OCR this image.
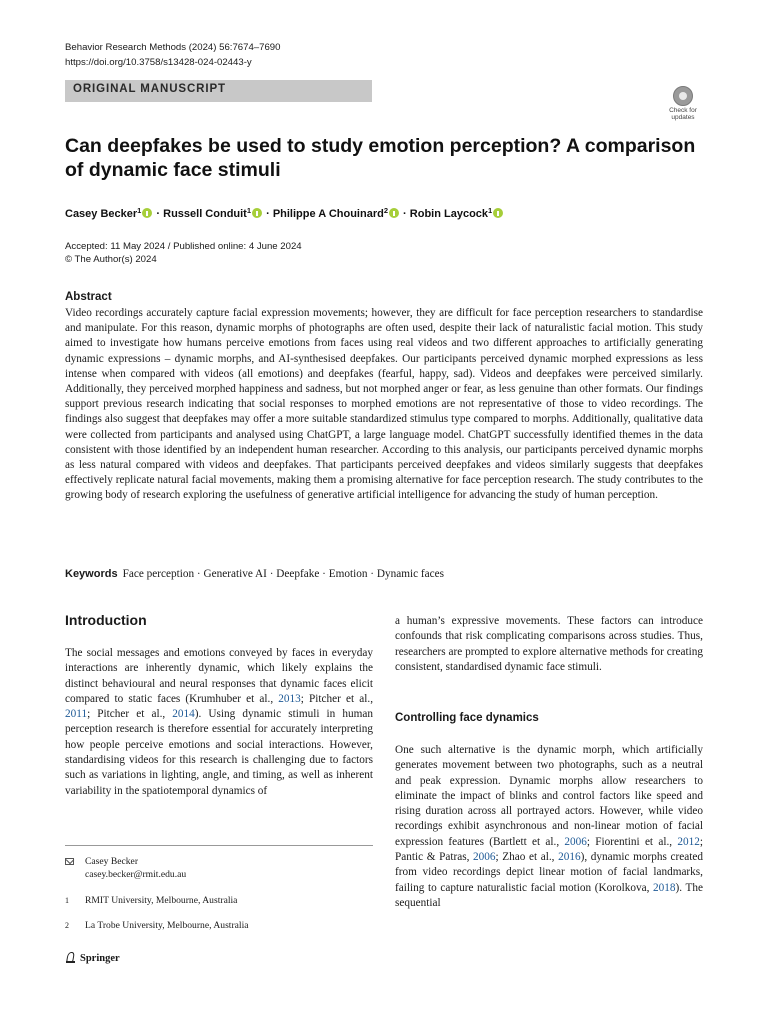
Behavior Research Methods (2024) 56:7674–7690
https://doi.org/10.3758/s13428-024-02443-y
ORIGINAL MANUSCRIPT
Check for
updates
Can deepfakes be used to study emotion perception? A comparison of dynamic face stimuli
Casey Becker$^1$ · Russell Conduit$^1$ · Philippe A Chouinard$^2$ · Robin Laycock$^1$
Accepted: 11 May 2024 / Published online: 4 June 2024
© The Author(s) 2024
Abstract
Video recordings accurately capture facial expression movements; however, they are difficult for face perception researchers to standardise and manipulate. For this reason, dynamic morphs of photographs are often used, despite their lack of naturalistic facial motion. This study aimed to investigate how humans perceive emotions from faces using real videos and two different approaches to artificially generating dynamic expressions – dynamic morphs, and AI-synthesised deepfakes. Our participants perceived dynamic morphed expressions as less intense when compared with videos (all emotions) and deepfakes (fearful, happy, sad). Videos and deepfakes were perceived similarly. Additionally, they perceived morphed happiness and sadness, but not morphed anger or fear, as less genuine than other formats. Our findings support previous research indicating that social responses to morphed emotions are not representative of those to video recordings. The findings also suggest that deepfakes may offer a more suitable standardized stimulus type compared to morphs. Additionally, qualitative data were collected from participants and analysed using ChatGPT, a large language model. ChatGPT successfully identified themes in the data consistent with those identified by an independent human researcher. According to this analysis, our participants perceived dynamic morphs as less natural compared with videos and deepfakes. That participants perceived deepfakes and videos similarly suggests that deepfakes effectively replicate natural facial movements, making them a promising alternative for face perception research. The study contributes to the growing body of research exploring the usefulness of generative artificial intelligence for advancing the study of human perception.
Keywords Face perception · Generative AI · Deepfake · Emotion · Dynamic faces
Introduction
The social messages and emotions conveyed by faces in everyday interactions are inherently dynamic, which likely explains the distinct behavioural and neural responses that dynamic faces elicit compared to static faces (Krumhuber et al., 2013; Pitcher et al., 2011; Pitcher et al., 2014). Using dynamic stimuli in human perception research is therefore essential for accurately interpreting how people perceive emotions and social interactions. However, standardising videos for this research is challenging due to factors such as variations in lighting, angle, and timing, as well as inherent variability in the spatiotemporal dynamics of
a human’s expressive movements. These factors can introduce confounds that risk complicating comparisons across studies. Thus, researchers are prompted to explore alternative methods for creating consistent, standardised dynamic face stimuli.
Controlling face dynamics
One such alternative is the dynamic morph, which artificially generates movement between two photographs, such as a neutral and peak expression. Dynamic morphs allow researchers to eliminate the impact of blinks and control factors like speed and rising duration across all portrayed actors. However, while video recordings exhibit asynchronous and non-linear motion of facial expression features (Bartlett et al., 2006; Fiorentini et al., 2012; Pantic & Patras, 2006; Zhao et al., 2016), dynamic morphs created from video recordings depict linear motion of facial landmarks, failing to capture naturalistic facial motion (Korolkova, 2018). The sequential
Casey Becker
casey.becker@rmit.edu.au
1	RMIT University, Melbourne, Australia
2	La Trobe University, Melbourne, Australia
Springer
